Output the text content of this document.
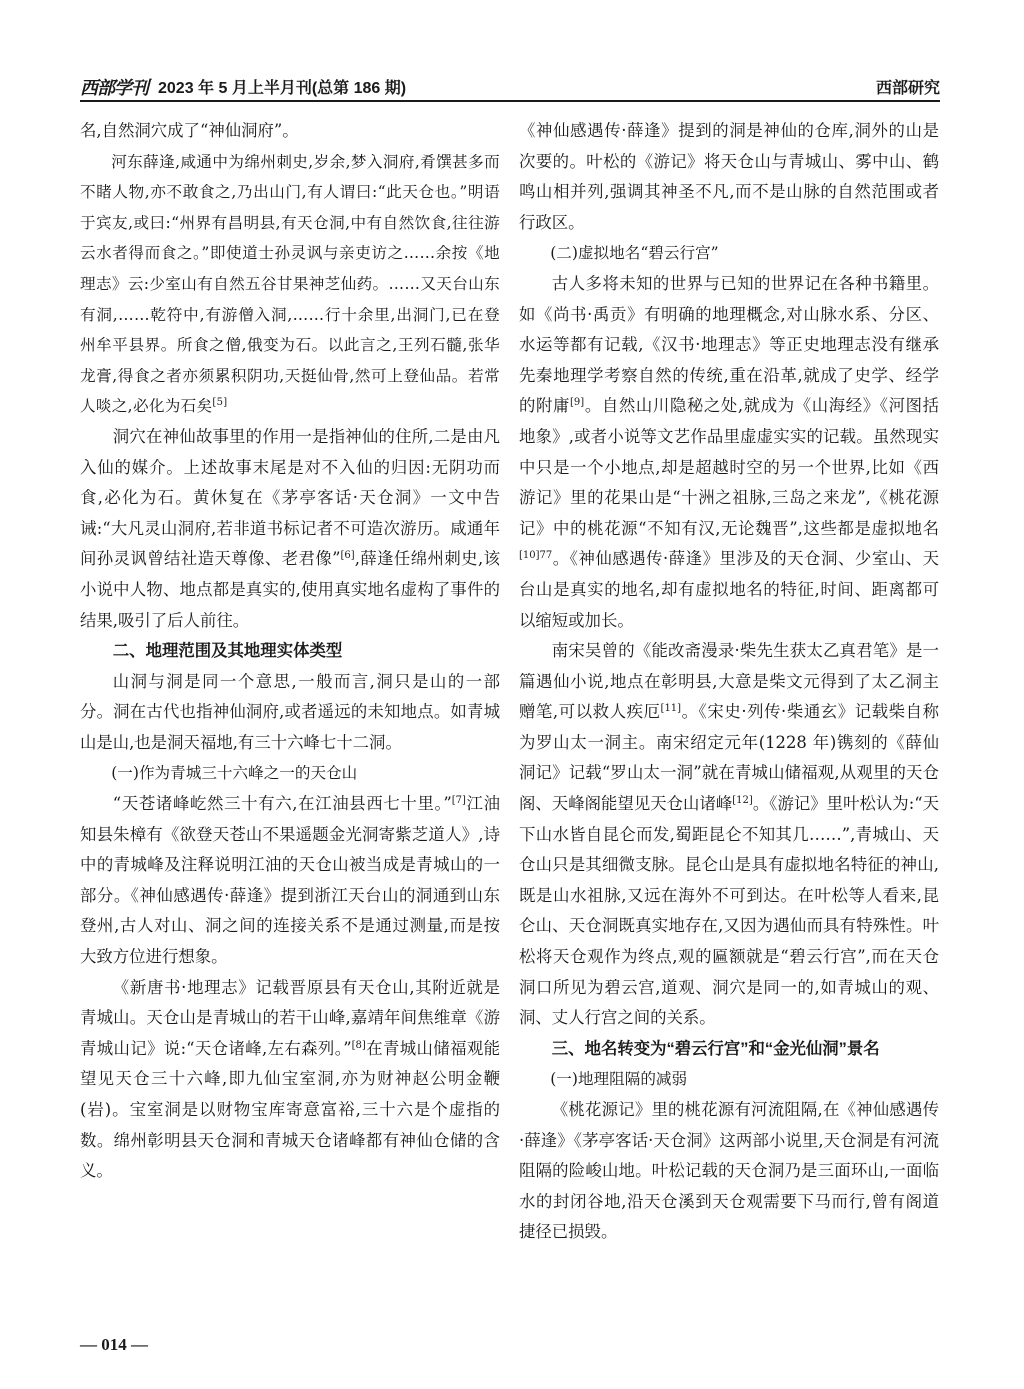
西部学刊 2023 年 5 月上半月刊(总第 186 期)	西部研究

名,自然洞穴成了“神仙洞府”。

河东薛逢,咸通中为绵州刺史,岁余,梦入洞府,肴馔甚多而不睹人物,亦不敢食之,乃出山门,有人谓曰:“此天仓也。”明语于宾友,或曰:“州界有昌明县,有天仓洞,中有自然饮食,往往游云水者得而食之。”即使道士孙灵讽与亲吏访之……余按《地理志》云:少室山有自然五谷甘果神芝仙药。……又天台山东有洞,……乾符中,有游僧入洞,……行十余里,出洞门,已在登州牟平县界。所食之僧,俄变为石。以此言之,王列石髓,张华龙膏,得食之者亦须累积阴功,天挺仙骨,然可上登仙品。若常人啖之,必化为石矣[5]

洞穴在神仙故事里的作用一是指神仙的住所,二是由凡入仙的媒介。上述故事末尾是对不入仙的归因:无阴功而食,必化为石。黄休复在《茅亭客话·天仓洞》一文中告诫:“大凡灵山洞府,若非道书标记者不可造次游历。咸通年间孙灵讽曾结社造天尊像、老君像”[6],薛逢任绵州刺史,该小说中人物、地点都是真实的,使用真实地名虚构了事件的结果,吸引了后人前往。

二、地理范围及其地理实体类型

山洞与洞是同一个意思,一般而言,洞只是山的一部分。洞在古代也指神仙洞府,或者遥远的未知地点。如青城山是山,也是洞天福地,有三十六峰七十二洞。

(一)作为青城三十六峰之一的天仓山

“天苍诸峰屹然三十有六,在江油县西七十里。”[7]江油知县朱樟有《欲登天苍山不果遥题金光洞寄紫芝道人》,诗中的青城峰及注释说明江油的天仓山被当成是青城山的一部分。《神仙感遇传·薛逢》提到浙江天台山的洞通到山东登州,古人对山、洞之间的连接关系不是通过测量,而是按大致方位进行想象。

《新唐书·地理志》记载晋原县有天仓山,其附近就是青城山。天仓山是青城山的若干山峰,嘉靖年间焦维章《游青城山记》说:“天仓诸峰,左右森列。”[8]在青城山储福观能望见天仓三十六峰,即九仙宝室洞,亦为财神赵公明金鞭(岩)。宝室洞是以财物宝库寄意富裕,三十六是个虚指的数。绵州彰明县天仓洞和青城天仓诸峰都有神仙仓储的含义。

《神仙感遇传·薛逢》提到的洞是神仙的仓库,洞外的山是次要的。叶松的《游记》将天仓山与青城山、雾中山、鹤鸣山相并列,强调其神圣不凡,而不是山脉的自然范围或者行政区。

(二)虚拟地名“碧云行宫”

古人多将未知的世界与已知的世界记在各种书籍里。如《尚书·禹贡》有明确的地理概念,对山脉水系、分区、水运等都有记载,《汉书·地理志》等正史地理志没有继承先秦地理学考察自然的传统,重在沿革,就成了史学、经学的附庸[9]。自然山川隐秘之处,就成为《山海经》《河图括地象》,或者小说等文艺作品里虚虚实实的记载。虽然现实中只是一个小地点,却是超越时空的另一个世界,比如《西游记》里的花果山是“十洲之祖脉,三岛之来龙”,《桃花源记》中的桃花源“不知有汉,无论魏晋”,这些都是虚拟地名$^{[10]77}$。《神仙感遇传·薛逢》里涉及的天仓洞、少室山、天台山是真实的地名,却有虚拟地名的特征,时间、距离都可以缩短或加长。

南宋吴曾的《能改斋漫录·柴先生获太乙真君笔》是一篇遇仙小说,地点在彰明县,大意是柴文元得到了太乙洞主赠笔,可以救人疾厄[11]。《宋史·列传·柴通玄》记载柴自称为罗山太一洞主。南宋绍定元年(1228 年)镌刻的《薛仙洞记》记载“罗山太一洞”就在青城山储福观,从观里的天仓阁、天峰阁能望见天仓山诸峰[12]。《游记》里叶松认为:“天下山水皆自昆仑而发,蜀距昆仑不知其几……”,青城山、天仓山只是其细微支脉。昆仑山是具有虚拟地名特征的神山,既是山水祖脉,又远在海外不可到达。在叶松等人看来,昆仑山、天仓洞既真实地存在,又因为遇仙而具有特殊性。叶松将天仓观作为终点,观的匾额就是“碧云行宫”,而在天仓洞口所见为碧云宫,道观、洞穴是同一的,如青城山的观、洞、丈人行宫之间的关系。

三、地名转变为“碧云行宫”和“金光仙洞”景名

(一)地理阻隔的减弱

《桃花源记》里的桃花源有河流阻隔,在《神仙感遇传·薛逢》《茅亭客话·天仓洞》这两部小说里,天仓洞是有河流阻隔的险峻山地。叶松记载的天仓洞乃是三面环山,一面临水的封闭谷地,沿天仓溪到天仓观需要下马而行,曾有阁道捷径已损毁。

— 014 —
